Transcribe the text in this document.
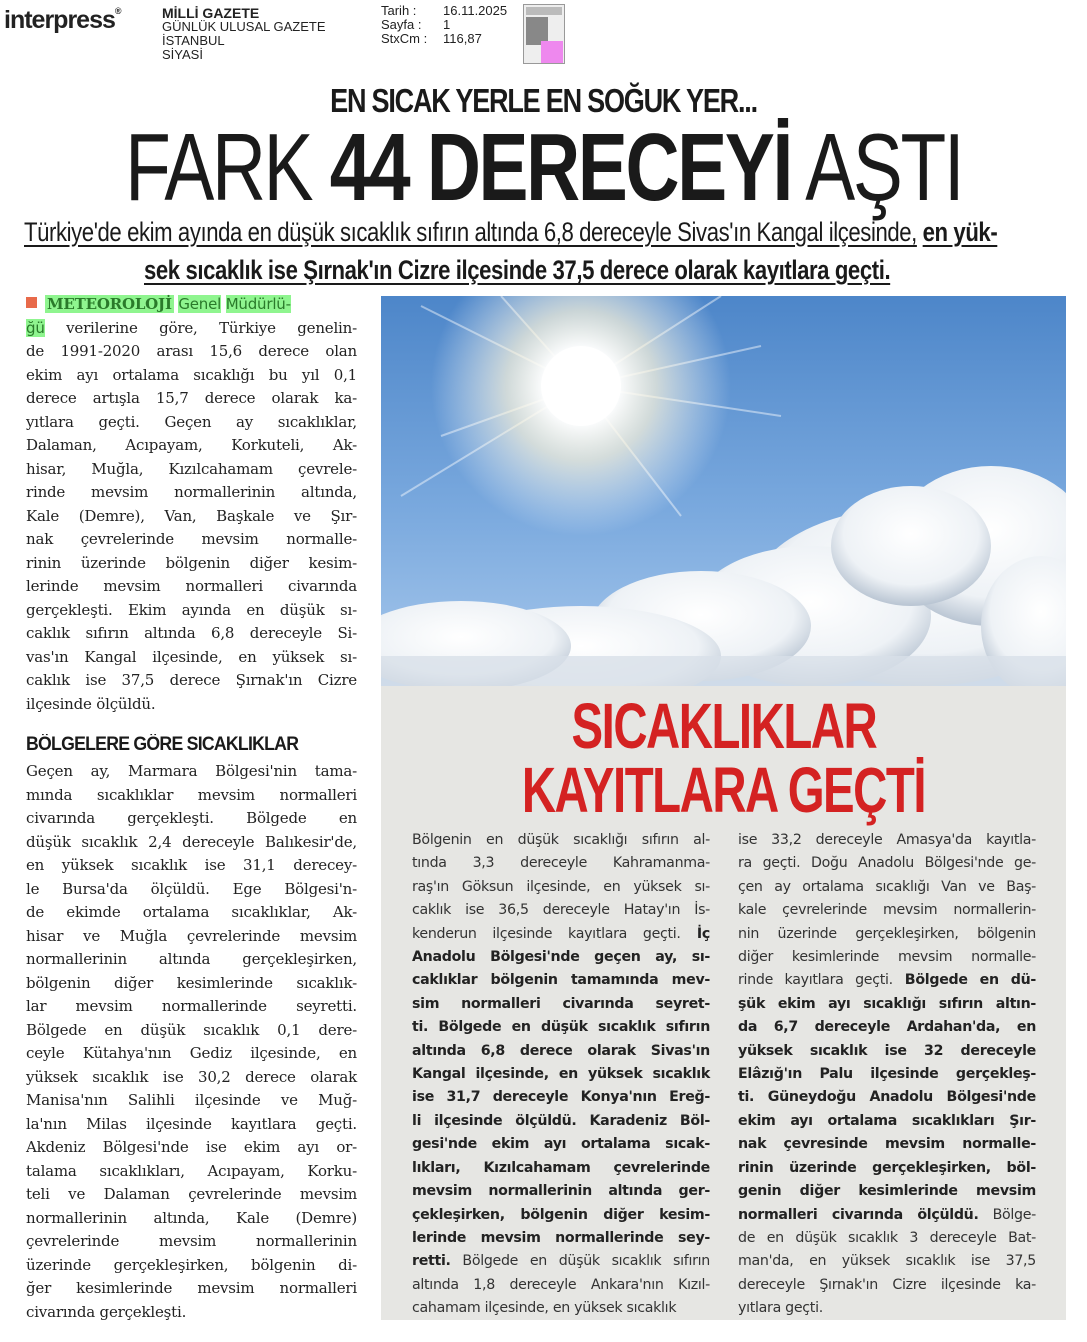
interpress®	MİLLİ GAZETE
GÜNLÜK ULUSAL GAZETE
İSTANBUL
SİYASİ
Tarih :	16.11.2025
Sayfa :	1
StxCm :	116,87
EN SICAK YERLE EN SOĞUK YER...
FARK 44 DERECEYİ AŞTI
Türkiye'de ekim ayında en düşük sıcaklık sıfırın altında 6,8 dereceyle Sivas'ın Kangal ilçesinde, en yük-
sek sıcaklık ise Şırnak'ın Cizre ilçesinde 37,5 derece olarak kayıtlara geçti.
METEOROLOJİ Genel Müdürlü-
ğü verilerine göre, Türkiye genelin-
de 1991-2020 arası 15,6 derece olan
ekim ayı ortalama sıcaklığı bu yıl 0,1
derece artışla 15,7 derece olarak ka-
yıtlara geçti. Geçen ay sıcaklıklar,
Dalaman, Acıpayam, Korkuteli, Ak-
hisar, Muğla, Kızılcahamam çevrele-
rinde mevsim normallerinin altında,
Kale (Demre), Van, Başkale ve Şır-
nak çevrelerinde mevsim normalle-
rinin üzerinde bölgenin diğer kesim-
lerinde mevsim normalleri civarında
gerçekleşti. Ekim ayında en düşük sı-
caklık sıfırın altında 6,8 dereceyle Si-
vas'ın Kangal ilçesinde, en yüksek sı-
caklık ise 37,5 derece Şırnak'ın Cizre
ilçesinde ölçüldü.
BÖLGELERE GÖRE SICAKLIKLAR
Geçen ay, Marmara Bölgesi'nin tama-
mında sıcaklıklar mevsim normalleri
civarında gerçekleşti. Bölgede en
düşük sıcaklık 2,4 dereceyle Balıkesir'de,
en yüksek sıcaklık ise 31,1 derecey-
le Bursa'da ölçüldü. Ege Bölgesi'n-
de ekimde ortalama sıcaklıklar, Ak-
hisar ve Muğla çevrelerinde mevsim
normallerinin altında gerçekleşirken,
bölgenin diğer kesimlerinde sıcaklık-
lar mevsim normallerinde seyretti.
Bölgede en düşük sıcaklık 0,1 dere-
ceyle Kütahya'nın Gediz ilçesinde, en
yüksek sıcaklık ise 30,2 derece olarak
Manisa'nın Salihli ilçesinde ve Muğ-
la'nın Milas ilçesinde kayıtlara geçti.
Akdeniz Bölgesi'nde ise ekim ayı or-
talama sıcaklıkları, Acıpayam, Korku-
teli ve Dalaman çevrelerinde mevsim
normallerinin altında, Kale (Demre)
çevrelerinde mevsim normallerinin
üzerinde gerçekleşirken, bölgenin di-
ğer kesimlerinde mevsim normalleri
civarında gerçekleşti.
SICAKLIKLAR
KAYITLARA GEÇTİ
Bölgenin en düşük sıcaklığı sıfırın al-
tında 3,3 dereceyle Kahramanma-
raş'ın Göksun ilçesinde, en yüksek sı-
caklık ise 36,5 dereceyle Hatay'ın İs-
kenderun ilçesinde kayıtlara geçti. İç
Anadolu Bölgesi'nde geçen ay, sı-
caklıklar bölgenin tamamında mev-
sim normalleri civarında seyret-
ti. Bölgede en düşük sıcaklık sıfırın
altında 6,8 derece olarak Sivas'ın
Kangal ilçesinde, en yüksek sıcaklık
ise 31,7 dereceyle Konya'nın Ereğ-
li ilçesinde ölçüldü. Karadeniz Böl-
gesi'nde ekim ayı ortalama sıcak-
lıkları, Kızılcahamam çevrelerinde
mevsim normallerinin altında ger-
çekleşirken, bölgenin diğer kesim-
lerinde mevsim normallerinde sey-
retti. Bölgede en düşük sıcaklık sıfırın
altında 1,8 dereceyle Ankara'nın Kızıl-
cahamam ilçesinde, en yüksek sıcaklık
ise 33,2 dereceyle Amasya'da kayıtla-
ra geçti. Doğu Anadolu Bölgesi'nde ge-
çen ay ortalama sıcaklığı Van ve Baş-
kale çevrelerinde mevsim normallerin-
nin üzerinde gerçekleşirken, bölgenin
diğer kesimlerinde mevsim normalle-
rinde kayıtlara geçti. Bölgede en dü-
şük ekim ayı sıcaklığı sıfırın altın-
da 6,7 dereceyle Ardahan'da, en
yüksek sıcaklık ise 32 dereceyle
Elâzığ'ın Palu ilçesinde gerçekleş-
ti. Güneydoğu Anadolu Bölgesi'nde
ekim ayı ortalama sıcaklıkları Şır-
nak çevresinde mevsim normalle-
rinin üzerinde gerçekleşirken, böl-
genin diğer kesimlerinde mevsim
normalleri civarında ölçüldü. Bölge-
de en düşük sıcaklık 3 dereceyle Bat-
man'da, en yüksek sıcaklık ise 37,5
dereceyle Şırnak'ın Cizre ilçesinde ka-
yıtlara geçti.
